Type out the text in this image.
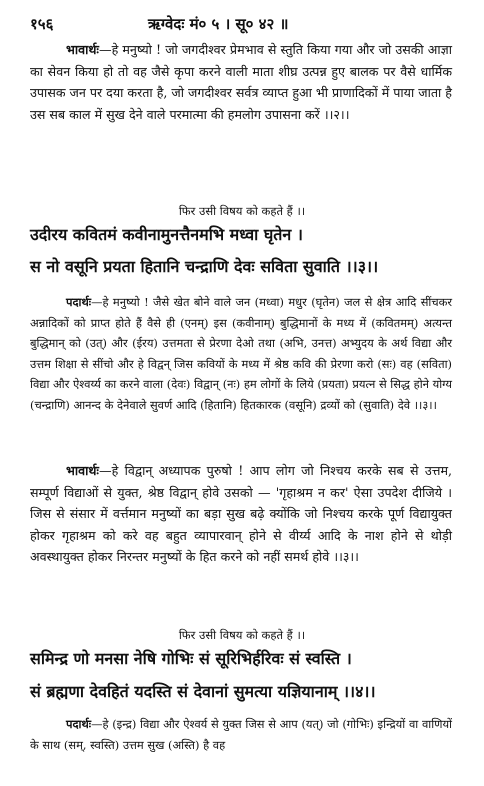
१५६	ऋग्वेदः मं० ५ । सू० ४२ ॥

भावार्थः—हे मनुष्यो ! जो जगदीश्वर प्रेमभाव से स्तुति किया गया और जो उसकी आज्ञा का सेवन किया हो तो वह जैसे कृपा करने वाली माता शीघ्र उत्पन्न हुए बालक पर वैसे धार्मिक उपासक जन पर दया करता है, जो जगदीश्वर सर्वत्र व्याप्त हुआ भी प्राणादिकों में पाया जाता है उस सब काल में सुख देने वाले परमात्मा की हमलोग उपासना करें ।।२।।

फिर उसी विषय को कहते हैं ।।
उदीरय कवितमं कवीनामुनत्तैनमभि मध्वा घृतेन ।
स नो वसूनि प्रयता हितानि चन्द्राणि देवः सविता सुवाति ।।३।।

पदार्थः—हे मनुष्यो ! जैसे खेत बोने वाले जन (मध्वा) मधुर (घृतेन) जल से क्षेत्र आदि सींचकर अन्नादिकों को प्राप्त होते हैं वैसे ही (एनम्) इस (कवीनाम्) बुद्धिमानों के मध्य में (कवितमम्) अत्यन्त बुद्धिमान् को (उत्) और (ईरय) उत्तमता से प्रेरणा देओ तथा (अभि, उनत्त) अभ्युदय के अर्थ विद्या और उत्तम शिक्षा से सींचो और हे विद्वन् जिस कवियों के मध्य में श्रेष्ठ कवि की प्रेरणा करो (सः) वह (सविता) विद्या और ऐश्वर्य्य का करने वाला (देवः) विद्वान् (नः) हम लोगों के लिये (प्रयता) प्रयत्न से सिद्ध होने योग्य (चन्द्राणि) आनन्द के देनेवाले सुवर्ण आदि (हितानि) हितकारक (वसूनि) द्रव्यों को (सुवाति) देवे ।।३।।

भावार्थः—हे विद्वान् अध्यापक पुरुषो ! आप लोग जो निश्चय करके सब से उत्तम, सम्पूर्ण विद्याओं से युक्त, श्रेष्ठ विद्वान् होवे उसको — 'गृहाश्रम न कर' ऐसा उपदेश दीजिये । जिस से संसार में वर्त्तमान मनुष्यों का बड़ा सुख बढ़े क्योंकि जो निश्चय करके पूर्ण विद्यायुक्त होकर गृहाश्रम को करे वह बहुत व्यापारवान् होने से वीर्य्य आदि के नाश होने से थोड़ी अवस्थायुक्त होकर निरन्तर मनुष्यों के हित करने को नहीं समर्थ होवे ।।३।।

फिर उसी विषय को कहते हैं ।।
समिन्द्र णो मनसा नेषि गोभिः सं सूरिभिर्हरिवः सं स्वस्ति ।
सं ब्रह्मणा देवहितं यदस्ति सं देवानां सुमत्या यज्ञियानाम् ।।४।।

पदार्थः—हे (इन्द्र) विद्या और ऐश्वर्य से युक्त जिस से आप (यत्) जो (गोभिः) इन्द्रियों वा वाणियों के साथ (सम्, स्वस्ति) उत्तम सुख (अस्ति) है वह
